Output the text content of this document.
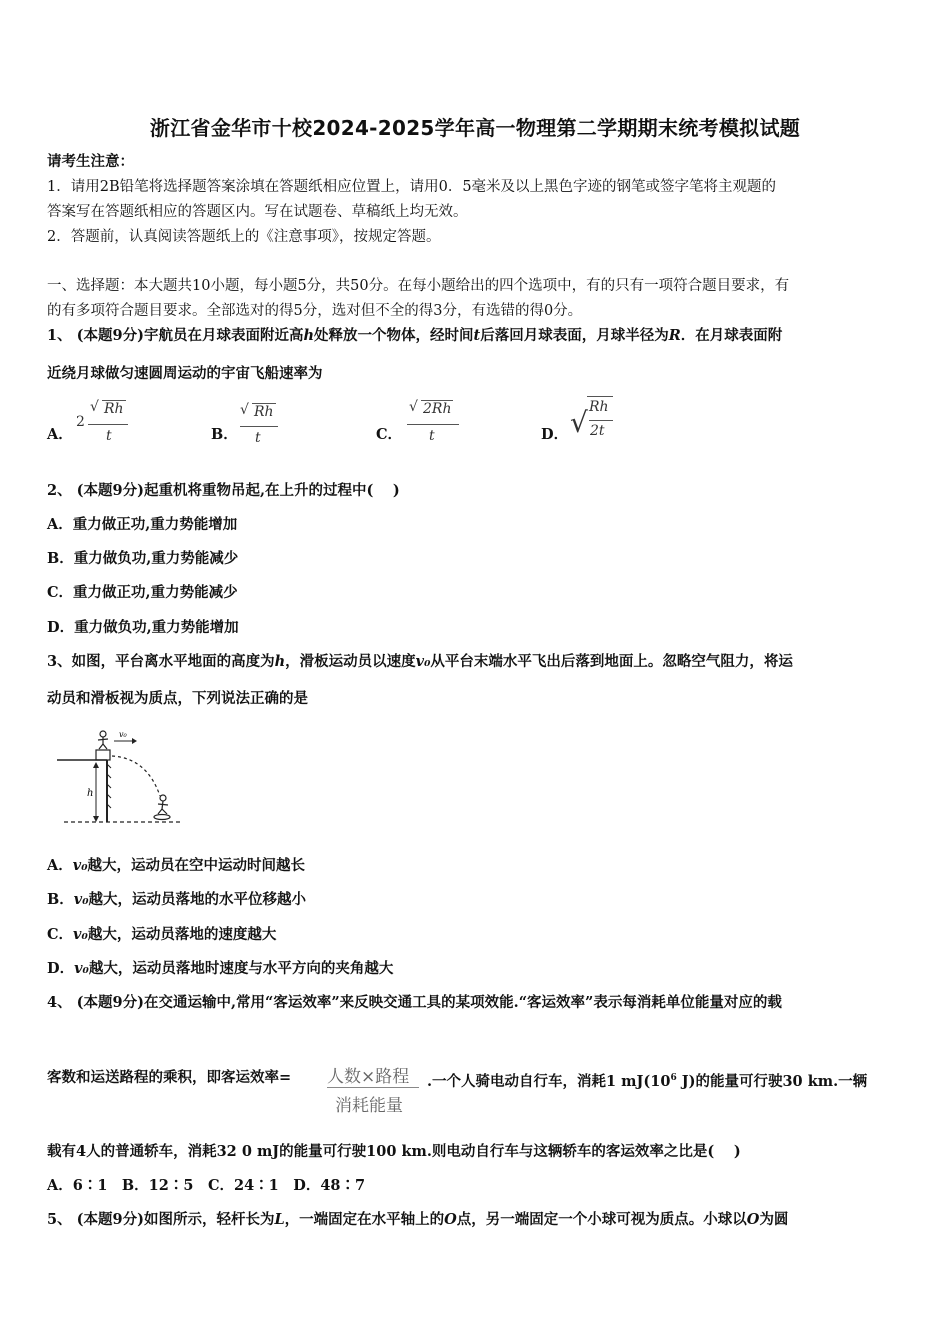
浙江省金华市十校2024-2025学年高一物理第二学期期末统考模拟试题
请考生注意：
1．请用2B铅笔将选择题答案涂填在答题纸相应位置上，请用0．5毫米及以上黑色字迹的钢笔或签字笔将主观题的
答案写在答题纸相应的答题区内。写在试题卷、草稿纸上均无效。
2．答题前，认真阅读答题纸上的《注意事项》，按规定答题。
一、选择题：本大题共10小题，每小题5分，共50分。在每小题给出的四个选项中，有的只有一项符合题目要求，有
的有多项符合题目要求。全部选对的得5分，选对但不全的得3分，有选错的得0分。
1、 (本题9分)宇航员在月球表面附近高h处释放一个物体，经时间t后落回月球表面，月球半径为R．在月球表面附
近绕月球做匀速圆周运动的宇宙飞船速率为
A．
2
√ Rh
t	B．
√ Rh
t	C．
√ 2Rh
t	D． √ Rh
2t
2、 (本题9分)起重机将重物吊起,在上升的过程中(　 )
A．重力做正功,重力势能增加
B．重力做负功,重力势能减少
C．重力做正功,重力势能减少
D．重力做负功,重力势能增加
3、如图，平台离水平地面的高度为h，滑板运动员以速度v₀从平台末端水平飞出后落到地面上。忽略空气阻力，将运
动员和滑板视为质点，下列说法正确的是
h
v₀
A．v₀越大，运动员在空中运动时间越长
B．v₀越大，运动员落地的水平位移越小
C．v₀越大，运动员落地的速度越大
D．v₀越大，运动员落地时速度与水平方向的夹角越大
4、 (本题9分)在交通运输中,常用“客运效率”来反映交通工具的某项效能.“客运效率”表示每消耗单位能量对应的载
客数和运送路程的乘积，即客运效率= 人数×路程
消耗能量
.一个人骑电动自行车，消耗1 $mJ(10^6$ J)的能量可行驶30 km.一辆
载有4人的普通轿车，消耗32 0 mJ的能量可行驶100 km.则电动自行车与这辆轿车的客运效率之比是(　 )
A．6∶1　B．12∶5　C．24∶1　D．48∶7
5、 (本题9分)如图所示，轻杆长为L，一端固定在水平轴上的O点，另一端固定一个小球可视为质点。小球以O为圆
